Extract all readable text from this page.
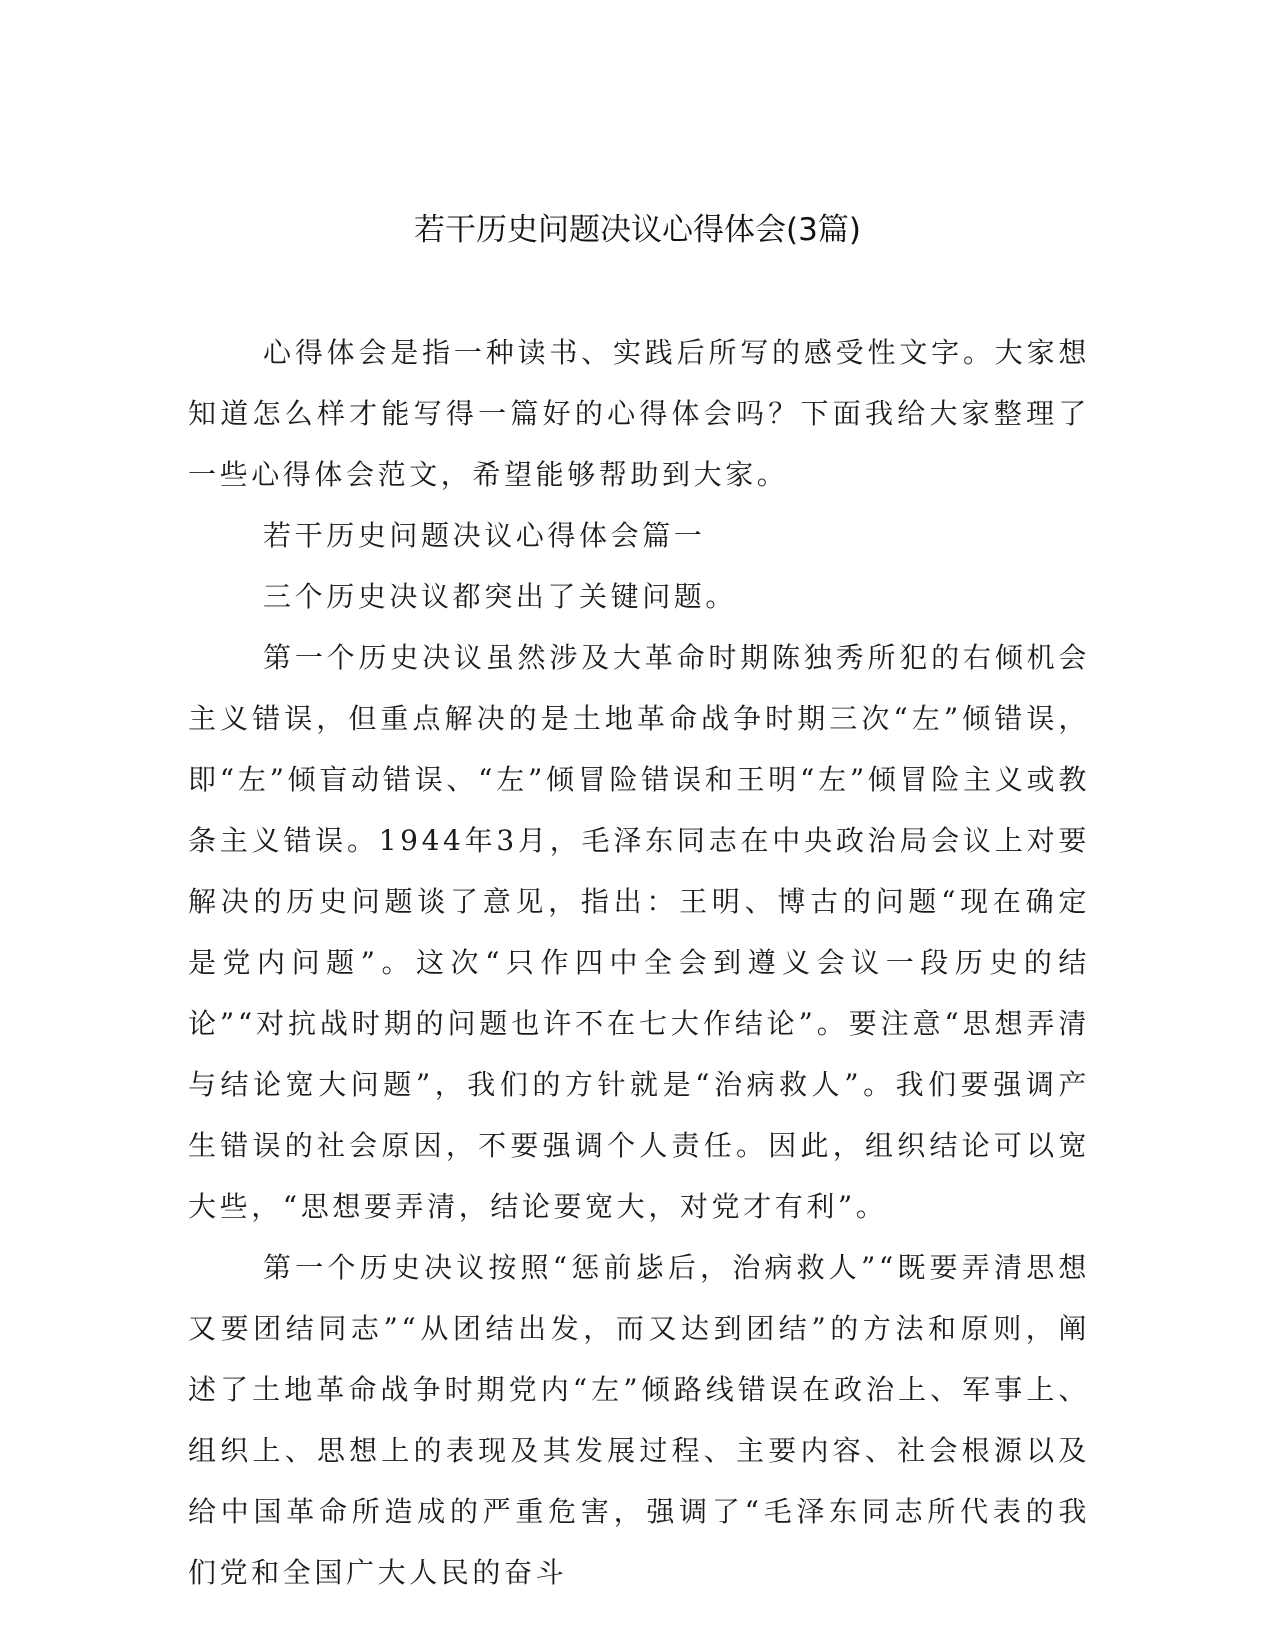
若干历史问题决议心得体会(3篇)

心得体会是指一种读书、实践后所写的感受性文字。大家想知道怎么样才能写得一篇好的心得体会吗？下面我给大家整理了一些心得体会范文，希望能够帮助到大家。

若干历史问题决议心得体会篇一

三个历史决议都突出了关键问题。

第一个历史决议虽然涉及大革命时期陈独秀所犯的右倾机会主义错误，但重点解决的是土地革命战争时期三次“左”倾错误，即“左”倾盲动错误、“左”倾冒险错误和王明“左”倾冒险主义或教条主义错误。1944年3月，毛泽东同志在中央政治局会议上对要解决的历史问题谈了意见，指出：王明、博古的问题“现在确定是党内问题”。这次“只作四中全会到遵义会议一段历史的结论”“对抗战时期的问题也许不在七大作结论”。要注意“思想弄清与结论宽大问题”，我们的方针就是“治病救人”。我们要强调产生错误的社会原因，不要强调个人责任。因此，组织结论可以宽大些，“思想要弄清，结论要宽大，对党才有利”。

第一个历史决议按照“惩前毖后，治病救人”“既要弄清思想又要团结同志”“从团结出发，而又达到团结”的方法和原则，阐述了土地革命战争时期党内“左”倾路线错误在政治上、军事上、组织上、思想上的表现及其发展过程、主要内容、社会根源以及给中国革命所造成的严重危害，强调了“毛泽东同志所代表的我们党和全国广大人民的奋斗
